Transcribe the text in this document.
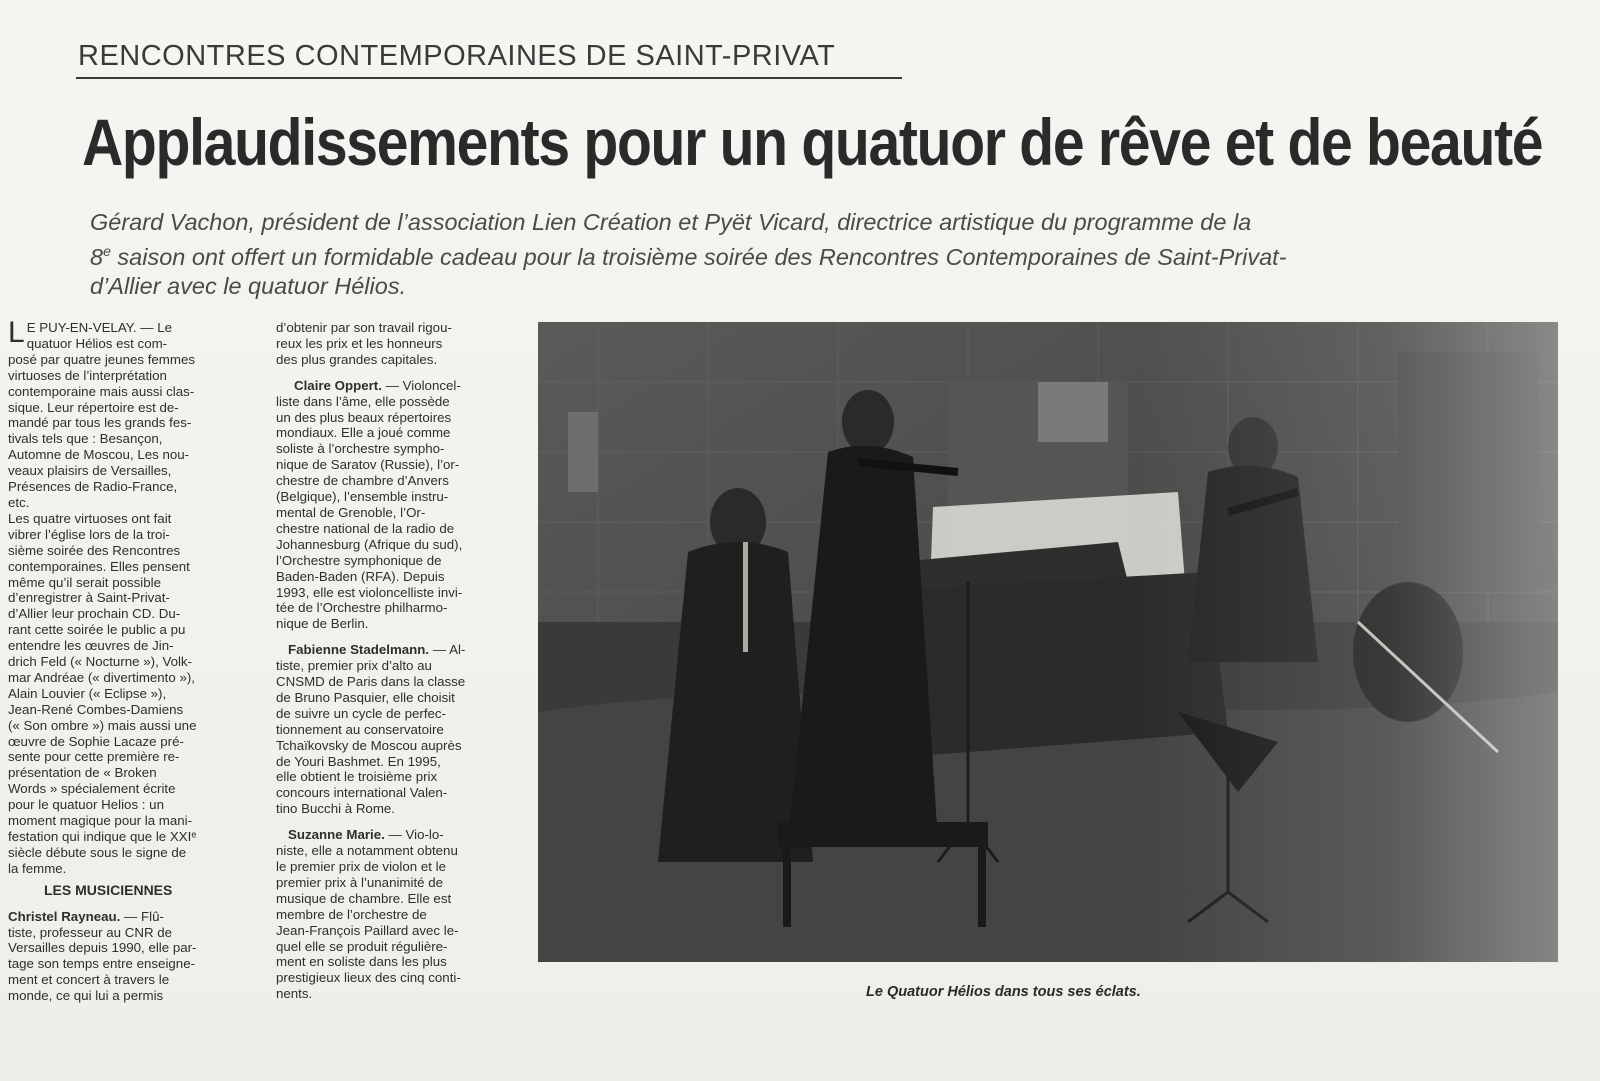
RENCONTRES CONTEMPORAINES DE SAINT-PRIVAT
Applaudissements pour un quatuor de rêve et de beauté
Gérard Vachon, président de l’association Lien Création et Pyët Vicard, directrice artistique du programme de la
8e saison ont offert un formidable cadeau pour la troisième soirée des Rencontres Contemporaines de Saint-Privat-
d’Allier avec le quatuor Hélios.
L E PUY-EN-VELAY. — Le
quatuor Hélios est com-
posé par quatre jeunes femmes
virtuoses de l’interprétation
contemporaine mais aussi clas-
sique. Leur répertoire est de-
mandé par tous les grands fes-
tivals tels que : Besançon,
Automne de Moscou, Les nou-
veaux plaisirs de Versailles,
Présences de Radio-France,
etc.
Les quatre virtuoses ont fait
vibrer l’église lors de la troi-
sième soirée des Rencontres
contemporaines. Elles pensent
même qu’il serait possible
d’enregistrer à Saint-Privat-
d’Allier leur prochain CD. Du-
rant cette soirée le public a pu
entendre les œuvres de Jin-
drich Feld (« Nocturne »), Volk-
mar Andréae (« divertimento »),
Alain Louvier (« Eclipse »),
Jean-René Combes-Damiens
(« Son ombre ») mais aussi une
œuvre de Sophie Lacaze pré-
sente pour cette première re-
présentation de « Broken
Words » spécialement écrite
pour le quatuor Helios : un
moment magique pour la mani-
festation qui indique que le XXIᵉ
siècle débute sous le signe de
la femme.
LES MUSICIENNES
Christel Rayneau. — Flû-
tiste, professeur au CNR de
Versailles depuis 1990, elle par-
tage son temps entre enseigne-
ment et concert à travers le
monde, ce qui lui a permis
d’obtenir par son travail rigou-
reux les prix et les honneurs
des plus grandes capitales.
Claire Oppert. — Violoncel-
liste dans l’âme, elle possède
un des plus beaux répertoires
mondiaux. Elle a joué comme
soliste à l’orchestre sympho-
nique de Saratov (Russie), l’or-
chestre de chambre d’Anvers
(Belgique), l’ensemble instru-
mental de Grenoble, l’Or-
chestre national de la radio de
Johannesburg (Afrique du sud),
l’Orchestre symphonique de
Baden-Baden (RFA). Depuis
1993, elle est violoncelliste invi-
tée de l’Orchestre philharmo-
nique de Berlin.
Fabienne Stadelmann. — Al-
tiste, premier prix d’alto au
CNSMD de Paris dans la classe
de Bruno Pasquier, elle choisit
de suivre un cycle de perfec-
tionnement au conservatoire
Tchaïkovsky de Moscou auprès
de Youri Bashmet. En 1995,
elle obtient le troisième prix
concours international Valen-
tino Bucchi à Rome.
Suzanne Marie. — Vio-lo-
niste, elle a notamment obtenu
le premier prix de violon et le
premier prix à l’unanimité de
musique de chambre. Elle est
membre de l’orchestre de
Jean-François Paillard avec le-
quel elle se produit régulière-
ment en soliste dans les plus
prestigieux lieux des cinq conti-
nents.	Le Quatuor Hélios dans tous ses éclats.
